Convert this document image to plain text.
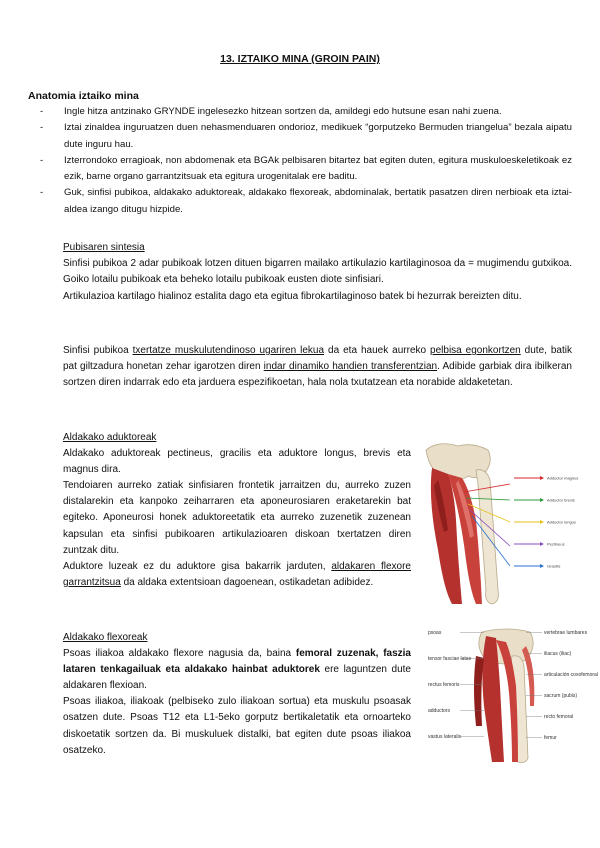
13. IZTAIKO MINA (GROIN PAIN)
Anatomia iztaiko mina
- Ingle hitza antzinako GRYNDE ingelesezko hitzean sortzen da, amildegi edo hutsune esan nahi zuena.
- Iztai zinaldea inguruatzen duen nehasmenduaren ondorioz, medikuek “gorputzeko Bermuden triangelua” bezala aipatu dute inguru hau.
- Izterrondoko erragioak, non abdomenak eta BGAk pelbisaren bitartez bat egiten duten, egitura muskuloeskeletikoak ez ezik, barne organo garrantzitsuak eta egitura urogenitalak ere baditu.
- Guk, sinfisi pubikoa, aldakako aduktoreak, aldakako flexoreak, abdominalak, bertatik pasatzen diren nerbioak eta iztai-aldea izango ditugu hizpide.
Pubisaren sintesia
Sinfisi pubikoa 2 adar pubikoak lotzen dituen bigarren mailako artikulazio kartilaginosoa da = mugimendu gutxikoa. Goiko lotailu pubikoak eta beheko lotailu pubikoak eusten diote sinfisiari.
Artikulazioa kartilago hialinoz estalita dago eta egitua fibrokartilaginoso batek bi hezurrak bereizten ditu.
Sinfisi pubikoa txertatze muskulutendinoso ugariren lekua da eta hauek aurreko pelbisa egonkortzen dute, batik pat giltzadura honetan zehar igarotzen diren indar dinamiko handien transferentzian. Adibide garbiak dira ibilkeran sortzen diren indarrak edo eta jarduera espezifikoetan, hala nola txutatzean eta norabide aldaketetan.
Aldakako aduktoreak
Aldakako aduktoreak pectineus, gracilis eta aduktore longus, brevis eta magnus dira.
Tendoiaren aurreko zatiak sinfisiaren frontetik jarraitzen du, aurreko zuzen distalarekin eta kanpoko zeiharraren eta aponeurosiaren eraketarekin bat egiteko. Aponeurosi honek aduktoreetatik eta aurreko zuzenetik zuzenean kapsulan eta sinfisi pubikoaren artikulazioaren diskoan txertatzen diren zuntzak ditu.
Aduktore luzeak ez du aduktore gisa bakarrik jarduten, aldakaren flexore garrantzitsua da aldaka extentsioan dagoenean, ostikadetan adibidez.
Aldakako flexoreak
Psoas iliakoa aldakako flexore nagusia da, baina femoral zuzenak, faszia lataren tenkagailuak eta aldakako hainbat aduktorek ere laguntzen dute aldakaren flexioan.
Psoas iliakoa, iliakoak (pelbiseko zulo iliakoan sortua) eta muskulu psoasak osatzen dute. Psoas T12 eta L1-5eko gorputz bertikaletatik eta ornoarteko diskoetatik sortzen da. Bi muskuluek distalki, bat egiten dute psoas iliakoa osatzeko.
Adductor magnus
Adductor brevis
Adductor longus
Pectineus
Gracilis
psoas
tensor fasciae latae
rectus femoris
adductors
vastus lateralis
vertebrae lumbares
iliacus (iliac)
articulación coxofemoral
sacrum (pubis)
recto femoral
femur
